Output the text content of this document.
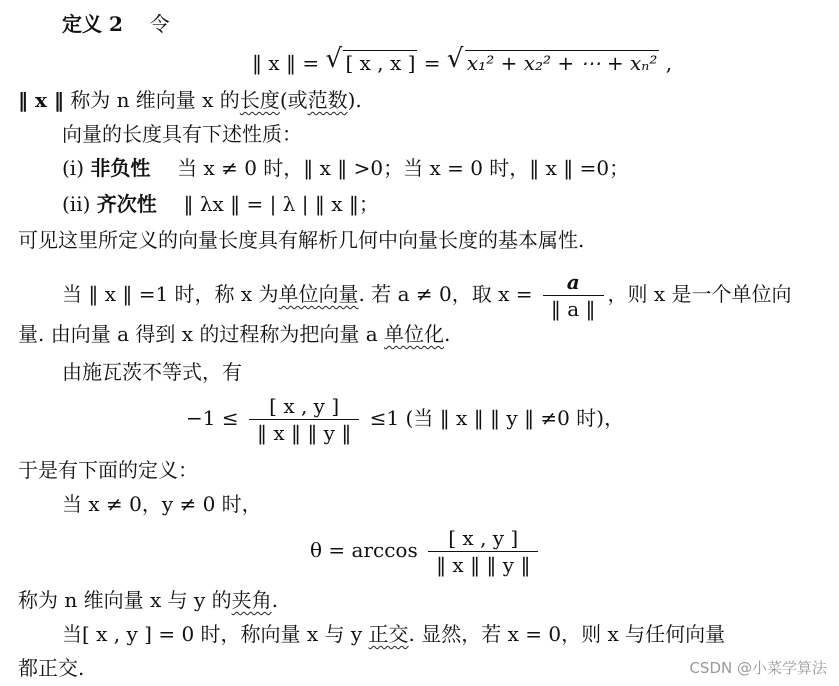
定义 2 令
‖ x ‖ = √ [ x , x ] = √ x₁² + x₂² + ⋯ + xₙ² ,
‖ x ‖ 称为 n 维向量 x 的长度(或范数).
向量的长度具有下述性质：
(i) 非负性 当 x ≠ 0 时，‖ x ‖ >0；当 x = 0 时，‖ x ‖ =0；
(ii) 齐次性 ‖ λx ‖ = | λ | ‖ x ‖；
可见这里所定义的向量长度具有解析几何中向量长度的基本属性.
当 ‖ x ‖ =1 时，称 x 为单位向量. 若 a ≠ 0，取 $x = \frac{a}{‖ a ‖}$ ，则 x 是一个单位向
量. 由向量 a 得到 x 的过程称为把向量 a 单位化.
由施瓦茨不等式，有
$-1 \le \frac{[ x , y ]}{‖ x ‖ ‖ y ‖} \le 1$ (当 ‖ x ‖ ‖ y ‖ ≠0 时)，
于是有下面的定义：
当 x ≠ 0，y ≠ 0 时，
$\theta = \arccos \frac{[ x , y ]}{‖ x ‖ ‖ y ‖}$
称为 n 维向量 x 与 y 的夹角.
当[ x , y ] = 0 时，称向量 x 与 y 正交. 显然，若 x = 0，则 x 与任何向量
都正交.	CSDN @小菜学算法
